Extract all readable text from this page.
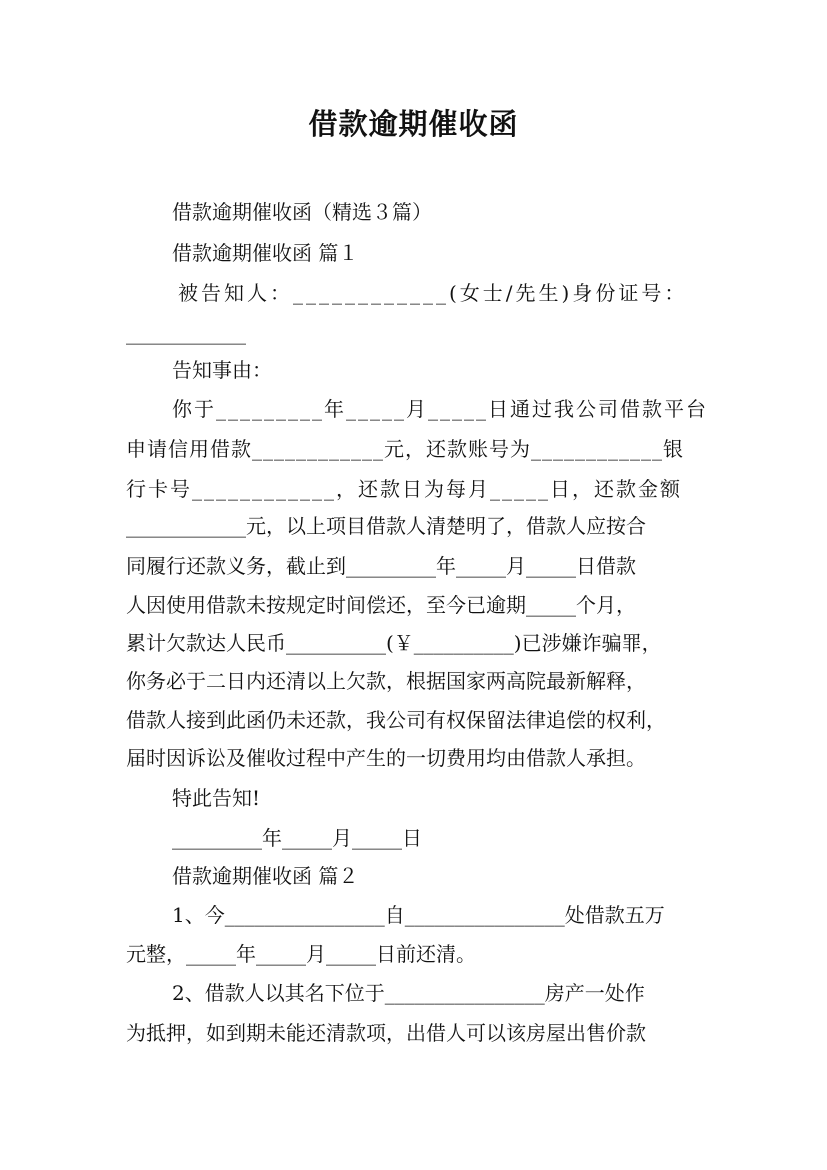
借款逾期催收函
借款逾期催收函（精选３篇）
借款逾期催收函 篇１
被告知人：____________(女士/先生)身份证号：
____________
告知事由：
你于_________年_____月_____日通过我公司借款平台
申请信用借款____________元，还款账号为____________银
行卡号____________，还款日为每月_____日，还款金额
____________元，以上项目借款人清楚明了，借款人应按合
同履行还款义务，截止到_________年_____月_____日借款
人因使用借款未按规定时间偿还，至今已逾期_____个月，
累计欠款达人民币__________(￥__________)已涉嫌诈骗罪，
你务必于二日内还清以上欠款，根据国家两高院最新解释，
借款人接到此函仍未还款，我公司有权保留法律追偿的权利，
届时因诉讼及催收过程中产生的一切费用均由借款人承担。
特此告知!
_________年_____月_____日
借款逾期催收函 篇２
1、今________________自________________处借款五万
元整，_____年_____月_____日前还清。
2、借款人以其名下位于________________房产一处作
为抵押，如到期未能还清款项，出借人可以该房屋出售价款
